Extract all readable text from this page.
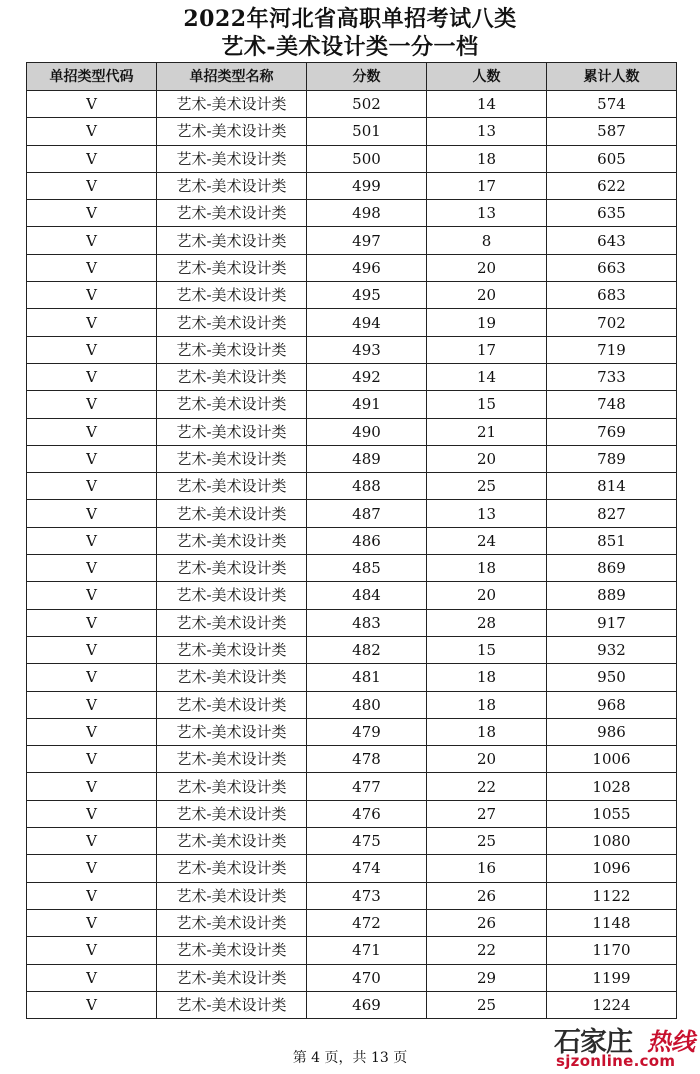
2022年河北省高职单招考试八类
艺术-美术设计类一分一档
单招类型代码	单招类型名称	分数	人数	累计人数
V	艺术-美术设计类	502	14	574
V	艺术-美术设计类	501	13	587
V	艺术-美术设计类	500	18	605
V	艺术-美术设计类	499	17	622
V	艺术-美术设计类	498	13	635
V	艺术-美术设计类	497	8	643
V	艺术-美术设计类	496	20	663
V	艺术-美术设计类	495	20	683
V	艺术-美术设计类	494	19	702
V	艺术-美术设计类	493	17	719
V	艺术-美术设计类	492	14	733
V	艺术-美术设计类	491	15	748
V	艺术-美术设计类	490	21	769
V	艺术-美术设计类	489	20	789
V	艺术-美术设计类	488	25	814
V	艺术-美术设计类	487	13	827
V	艺术-美术设计类	486	24	851
V	艺术-美术设计类	485	18	869
V	艺术-美术设计类	484	20	889
V	艺术-美术设计类	483	28	917
V	艺术-美术设计类	482	15	932
V	艺术-美术设计类	481	18	950
V	艺术-美术设计类	480	18	968
V	艺术-美术设计类	479	18	986
V	艺术-美术设计类	478	20	1006
V	艺术-美术设计类	477	22	1028
V	艺术-美术设计类	476	27	1055
V	艺术-美术设计类	475	25	1080
V	艺术-美术设计类	474	16	1096
V	艺术-美术设计类	473	26	1122
V	艺术-美术设计类	472	26	1148
V	艺术-美术设计类	471	22	1170
V	艺术-美术设计类	470	29	1199
V	艺术-美术设计类	469	25	1224
第 4 页，共 13 页	石家庄 热线
sjzonline.com
